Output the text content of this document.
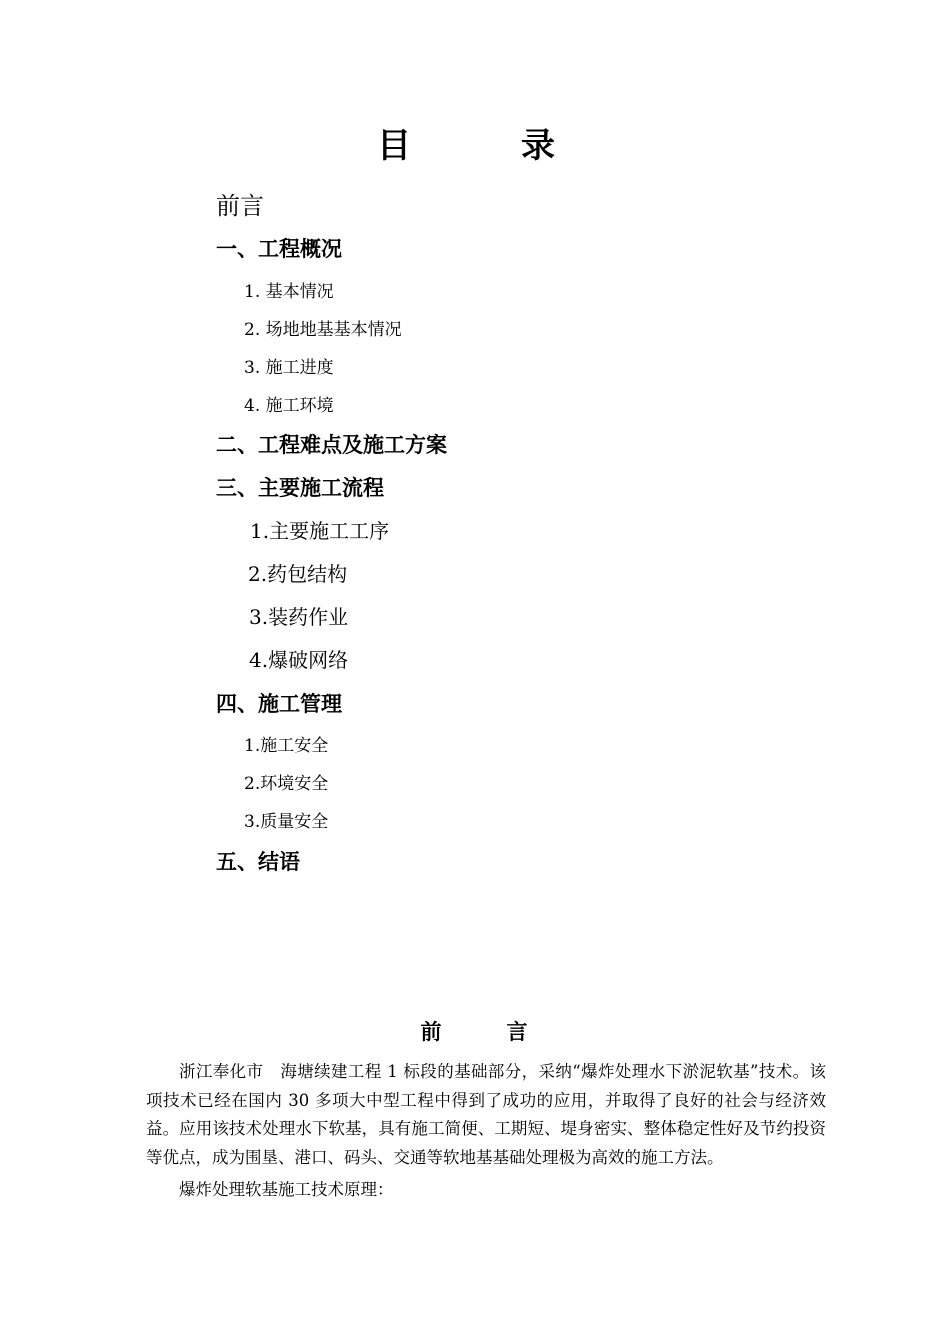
目　录
前言
一、工程概况
1. 基本情况
2. 场地地基基本情况
3. 施工进度
4. 施工环境
二、工程难点及施工方案
三、主要施工流程
1.主要施工工序
2.药包结构
3.装药作业
4.爆破网络
四、施工管理
1.施工安全
2.环境安全
3.质量安全
五、结语
前　言
浙江奉化市　海塘续建工程 1 标段的基础部分，采纳“爆炸处理水下淤泥软基”技术。该项技术已经在国内 30 多项大中型工程中得到了成功的应用，并取得了良好的社会与经济效益。应用该技术处理水下软基，具有施工简便、工期短、堤身密实、整体稳定性好及节约投资等优点，成为围垦、港口、码头、交通等软地基基础处理极为高效的施工方法。
爆炸处理软基施工技术原理：
